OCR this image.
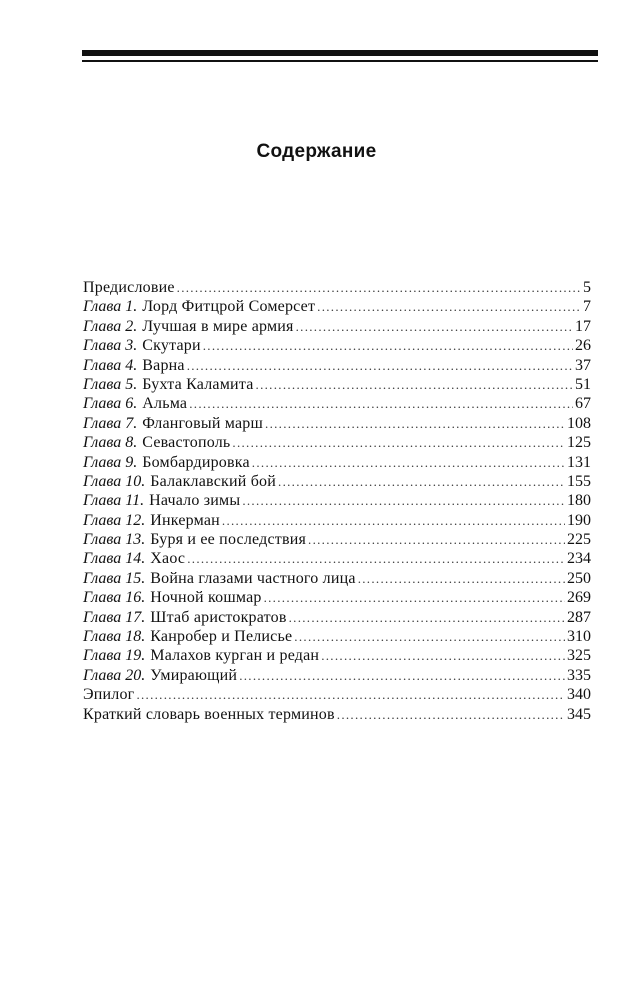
Содержание
Предисловие .....	5
Глава 1. Лорд Фитцрой Сомерсет .....	7
Глава 2. Лучшая в мире армия .....	17
Глава 3. Скутари .....	26
Глава 4. Варна .....	37
Глава 5. Бухта Каламита .....	51
Глава 6. Альма .....	67
Глава 7. Фланговый марш .....	108
Глава 8. Севастополь .....	125
Глава 9. Бомбардировка .....	131
Глава 10. Балаклавский бой .....	155
Глава 11. Начало зимы .....	180
Глава 12. Инкерман .....	190
Глава 13. Буря и ее последствия .....	225
Глава 14. Хаос .....	234
Глава 15. Война глазами частного лица .....	250
Глава 16. Ночной кошмар .....	269
Глава 17. Штаб аристократов .....	287
Глава 18. Канробер и Пелисье .....	310
Глава 19. Малахов курган и редан .....	325
Глава 20. Умирающий .....	335
Эпилог .....	340
Краткий словарь военных терминов .....	345
